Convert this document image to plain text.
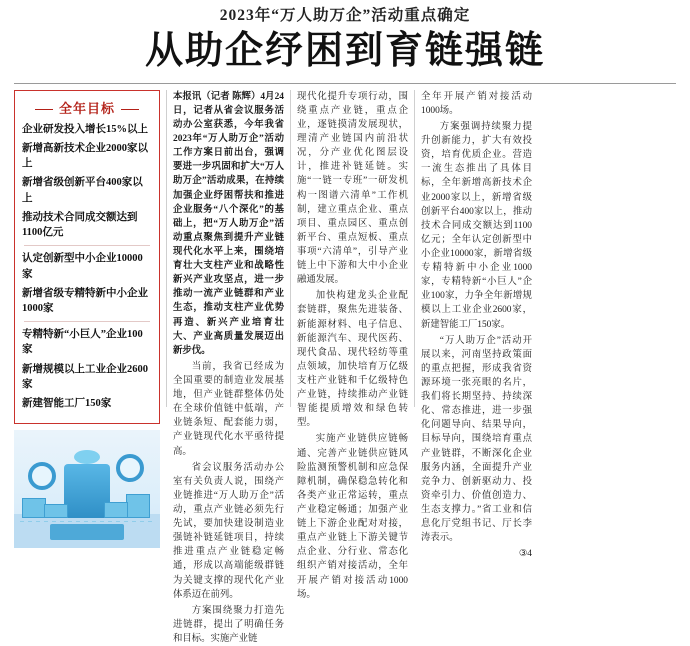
2023年“万人助万企”活动重点确定
从助企纾困到育链强链
全年目标
企业研发投入增长15%以上
新增高新技术企业2000家以上
新增省级创新平台400家以上
推动技术合同成交额达到1100亿元
认定创新型中小企业10000家
新增省级专精特新中小企业1000家
专精特新“小巨人”企业100家
新增规模以上工业企业2600家
新建智能工厂150家

本报讯（记者 陈辉）4月24日，记者从省会议服务活动办公室获悉，今年我省2023年“万人助万企”活动工作方案日前出台，强调要进一步巩固和扩大“万人助万企”活动成果，在持续加强企业纾困帮扶和推进企业服务“八个深化”的基础上，把“万人助万企”活动重点聚焦到提升产业链现代化水平上来，围绕培育壮大支柱产业和战略性新兴产业攻坚点，进一步推动一流产业链群和产业生态，推动支柱产业优势再造、新兴产业培育壮大、产业高质量发展迈出新步伐。

当前，我省已经成为全国重要的制造业发展基地，但产业链群整体仍处在全球价值链中低端，产业链条短、配套能力弱，产业链现代化水平亟待提高。

省会议服务活动办公室有关负责人说，围绕产业链推进“万人助万企”活动，重点产业链必须先行先试，要加快建设制造业强链补链延链项目，持续推进重点产业链稳定畅通，形成以高端能级群链为关键支撑的现代化产业体系迈在前列。

方案围绕聚力打造先进链群，提出了明确任务和目标。实施产业链

现代化提升专项行动，围绕重点产业链，重点企业，逐链摸清发展现状，理清产业链国内前沿状况，分产业优化图层设计，推进补链延链。实施“一链一专班”一研发机构一图谱六清单”工作机制，建立重点企业、重点项目、重点园区、重点创新平台、重点短板、重点事项“六清单”，引导产业链上中下游和大中小企业融通发展。

加快构建龙头企业配套链群，聚焦先进装备、新能源材料、电子信息、新能源汽车、现代医药、现代食品、现代轻纺等重点领域，加快培育万亿级支柱产业链和千亿级特色产业链，持续推动产业链智能提质增效和绿色转型。

实施产业链供应链畅通、完善产业链供应链风险监测预警机制和应急保障机制，确保稳急转化和各类产业正常运转，重点产业稳定畅通；加强产业链上下游企业配对对接，重点产业链上下游关键节点企业、分行业、常态化组织产销对接活动，全年开展产销对接活动1000场。

全年开展产销对接活动1000场。

方案强调持续聚力提升创新能力，扩大有效投资，培育优质企业。营造一流生态推出了具体目标，全年新增高新技术企业2000家以上，新增省级创新平台400家以上，推动技术合同成交额达到1100亿元；全年认定创新型中小企业10000家，新增省级专精特新中小企业1000家，专精特新“小巨人”企业100家，力争全年新增规模以上工业企业2600家，新建智能工厂150家。

“万人助万企”活动开展以来，河南坚持政策面的重点把握，形成我省资源环境一张亮眼的名片，我们将长期坚持、持续深化、常态推进，进一步强化问题导向、结果导向，目标导向，围绕培育重点产业链群，不断深化企业服务内涵，全面提升产业竞争力、创新驱动力、投资牵引力、价值创造力、生态支撑力。”省工业和信息化厅党组书记、厅长李涛表示。

③4
